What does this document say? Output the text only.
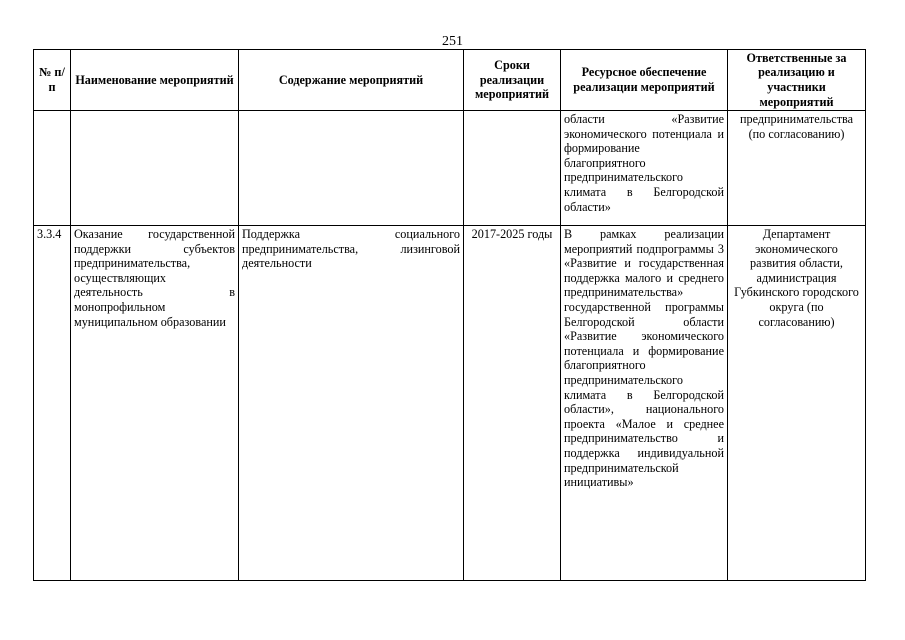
251
№ п/п	Наименование мероприятий	Содержание мероприятий	Сроки реализации мероприятий	Ресурсное обеспечение реализации мероприятий	Ответственные за реализацию и участники мероприятий
				области «Развитие экономического потенциала и формирование благоприятного предпринимательского климата в Белгородской области»	предпринимательства (по согласованию)
3.3.4	Оказание государственной поддержки субъектов предпринимательства, осуществляющих деятельность в монопрофильном муниципальном образовании	Поддержка социального предпринимательства, лизинговой деятельности	2017-2025 годы	В рамках реализации мероприятий подпрограммы 3 «Развитие и государственная поддержка малого и среднего предпринимательства» государственной программы Белгородской области «Развитие экономического потенциала и формирование благоприятного предпринимательского климата в Белгородской области», национального проекта «Малое и среднее предпринимательство и поддержка индивидуальной предпринимательской инициативы»	Департамент экономического развития области, администрация Губкинского городского округа (по согласованию)
